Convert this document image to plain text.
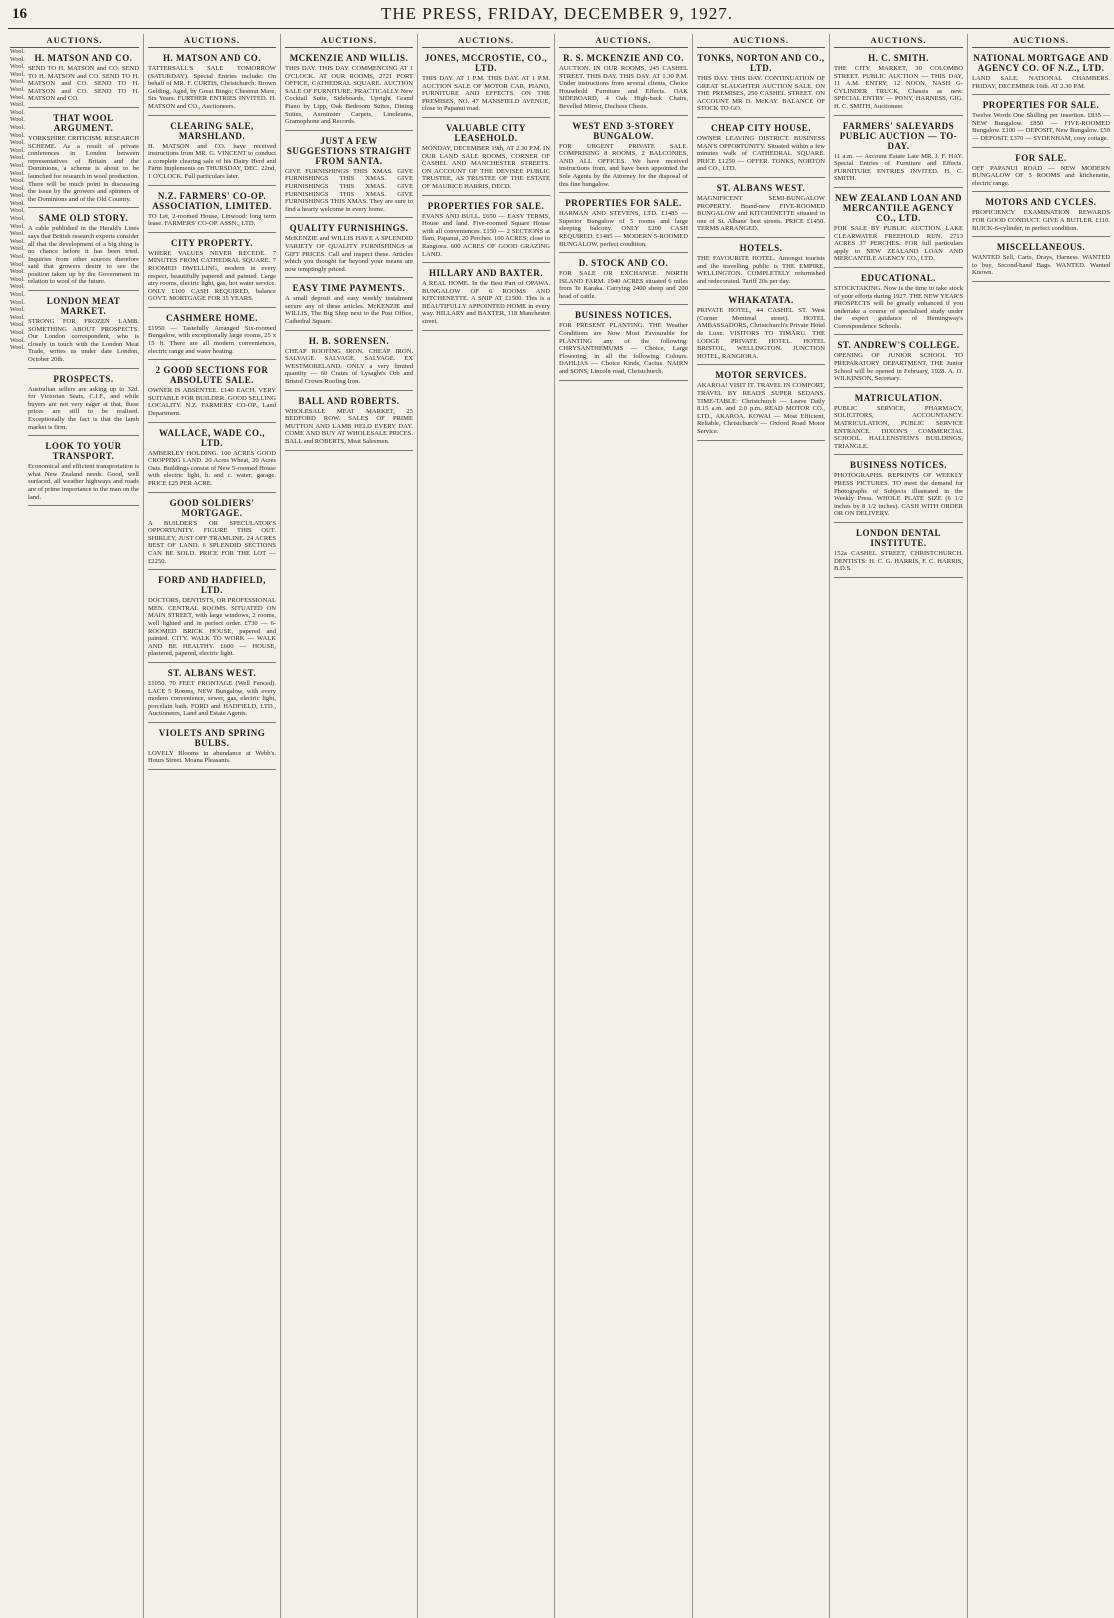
16	THE PRESS, FRIDAY, DECEMBER 9, 1927.
AUCTIONS.
Wool.
Wool.
Wool.
Wool.
Wool.
Wool.
Wool.
Wool.
Wool.
Wool.
Wool.
Wool.
Wool.
Wool.
Wool.
Wool.
Wool.
Wool.
Wool.
Wool.
Wool.
Wool.
Wool.
Wool.
Wool.
Wool.
Wool.
Wool.
Wool.
Wool.
Wool.
Wool.
Wool.
Wool.
Wool.
Wool.
Wool.
Wool.
Wool.
Wool.
H. MATSON AND CO.

SEND TO H. MATSON and CO. SEND TO H. MATSON and CO. SEND TO H. MATSON and CO. SEND TO H. MATSON and CO. SEND TO H. MATSON and CO.

THAT WOOL ARGUMENT.

YORKSHIRE CRITICISM. RESEARCH SCHEME. As a result of private conferences in London between representatives of Britain and the Dominions, a scheme is about to be launched for research in wool production. There will be much point in discussing the issue by the growers and spinners of the Dominions and of the Old Country.

SAME OLD STORY.

A cable published in the Herald's Lines says that British research experts consider all that the development of a big thing is no chance before it has been tried. Inquiries from other sources therefore said that growers desire to see the position taken up by the Government in relation to wool of the future.

LONDON MEAT MARKET.

STRONG FOR FROZEN LAMB. SOMETHING ABOUT PROSPECTS. Our London correspondent, who is closely in touch with the London Meat Trade, writes us under date London, October 20th.

PROSPECTS.

Australian sellers are asking up to 32d. for Victorian Seats, C.I.F., and while buyers are not very eager at that, these prices are still to be realised. Exceptionally the fact is that the lamb market is firm.

LOOK TO YOUR TRANSPORT.

Economical and efficient transportation is what New Zealand needs. Good, well surfaced, all weather highways and roads are of prime importance to the man on the land.

AUCTIONS.
H. MATSON AND CO.

TATTERSALL'S SALE TOMORROW (SATURDAY). Special Entries include: On behalf of MR. F. CURTIS, Christchurch: Brown Gelding, Aged, by Great Bingo; Chestnut Mare, Six Years. FURTHER ENTRIES INVITED. H. MATSON and CO., Auctioneers.

CLEARING SALE, MARSHLAND.

H. MATSON and CO. have received instructions from MR. G. VINCENT to conduct a complete clearing sale of his Dairy Herd and Farm Implements on THURSDAY, DEC. 22nd, 1 O'CLOCK. Full particulars later.

N.Z. FARMERS' CO-OP. ASSOCIATION, LIMITED.

TO Let, 2-roomed House, Linwood: long term lease. FARMERS' CO-OP. ASSN., LTD.

CITY PROPERTY.

WHERE VALUES NEVER RECEDE. 7 MINUTES FROM CATHEDRAL SQUARE. 7 ROOMED DWELLING, modern in every respect, beautifully papered and painted. Large airy rooms, electric light, gas, hot water service. ONLY £100 CASH REQUIRED, balance GOVT. MORTGAGE FOR 35 YEARS.

CASHMERE HOME.

£1950 — Tastefully Arranged Six-roomed Bungalow, with exceptionally large rooms, 25 x 15 ft. There are all modern conveniences, electric range and water heating.

2 GOOD SECTIONS FOR ABSOLUTE SALE.

OWNER IS ABSENTEE. £140 EACH. VERY SUITABLE FOR BUILDER. GOOD SELLING LOCALITY. N.Z. FARMERS' CO-OP., Land Department.

WALLACE, WADE CO., LTD.

AMBERLEY HOLDING. 100 ACRES GOOD CROPPING LAND. 20 Acres Wheat, 20 Acres Oats. Buildings consist of New 5-roomed House with electric light, h. and c. water; garage. PRICE £25 PER ACRE.

GOOD SOLDIERS' MORTGAGE.

A BUILDER'S OR SPECULATOR'S OPPORTUNITY. FIGURE THIS OUT. SHIRLEY, JUST OFF TRAMLINE. 24 ACRES BEST OF LAND. 6 SPLENDID SECTIONS CAN BE SOLD. PRICE FOR THE LOT — £2250.

FORD AND HADFIELD, LTD.

DOCTORS, DENTISTS, OR PROFESSIONAL MEN. CENTRAL ROOMS. SITUATED ON MAIN STREET, with large windows, 2 rooms, well lighted and in perfect order. £730 — 6-ROOMED BRICK HOUSE, papered and painted. CITY. WALK TO WORK — WALK AND BE HEALTHY. £600 — HOUSE, plastered, papered, electric light.

ST. ALBANS WEST.

£1050. 70 FEET FRONTAGE (Well Fenced). LACE 5 Rooms, NEW Bungalow, with every modern convenience, sewer, gas, electric light, porcelain bath. FORD and HADFIELD, LTD., Auctioneers, Land and Estate Agents.

VIOLETS AND SPRING BULBS.

LOVELY Blooms in abundance at Webb's. Hours Street. Moana Pleasants.

AUCTIONS.
MCKENZIE AND WILLIS.

THIS DAY. THIS DAY. COMMENCING AT 1 O'CLOCK. AT OUR ROOMS, 2721 PORT OFFICE, CATHEDRAL SQUARE. AUCTION SALE OF FURNITURE. PRACTICALLY New Cocktail Suite, Sideboards, Upright Grand Piano by Lipp, Oak Bedroom Suites, Dining Suites, Axminster Carpets, Linoleums, Gramophone and Records.

JUST A FEW SUGGESTIONS STRAIGHT FROM SANTA.

GIVE FURNISHINGS THIS XMAS. GIVE FURNISHINGS THIS XMAS. GIVE FURNISHINGS THIS XMAS. GIVE FURNISHINGS THIS XMAS. GIVE FURNISHINGS THIS XMAS. They are sure to find a hearty welcome in every home.

QUALITY FURNISHINGS.

McKENZIE and WILLIS HAVE A SPLENDID VARIETY OF QUALITY FURNISHINGS at GIFT PRICES. Call and inspect these. Articles which you thought far beyond your means are now temptingly priced.

EASY TIME PAYMENTS.

A small deposit and easy weekly instalment secure any of these articles. McKENZIE and WILLIS, The Big Shop next to the Post Office, Cathedral Square.

H. B. SORENSEN.

CHEAP ROOFING IRON. CHEAP IRON. SALVAGE. SALVAGE. SALVAGE. EX WESTMORELAND. ONLY a very limited quantity — 60 Crates of Lysaght's Orb and Bristol Crown Roofing Iron.

BALL AND ROBERTS.

WHOLESALE MEAT MARKET, 25 BEDFORD ROW. SALES OF PRIME MUTTON AND LAMB HELD EVERY DAY. COME AND BUY AT WHOLESALE PRICES. BALL and ROBERTS, Meat Salesmen.

AUCTIONS.
JONES, MCCROSTIE, CO., LTD.

THIS DAY. AT 1 P.M. THIS DAY. AT 1 P.M. AUCTION SALE OF MOTOR CAR, PIANO, FURNITURE AND EFFECTS. ON THE PREMISES, NO. 47 MANSFIELD AVENUE, close to Papanui road.

VALUABLE CITY LEASEHOLD.

MONDAY, DECEMBER 19th, AT 2.30 P.M. IN OUR LAND SALE ROOMS, CORNER OF CASHEL AND MANCHESTER STREETS. ON ACCOUNT OF THE DEVISEE PUBLIC TRUSTEE, AS TRUSTEE OF THE ESTATE OF MAURICE HARRIS, DECD.

PROPERTIES FOR SALE.

EVANS AND BULL. £650 — EASY TERMS, House and land. Five-roomed Square House with all conveniences. £150 — 2 SECTIONS at Ilam, Papanui, 20 Perches. 100 ACRES, close to Rangiora. 600 ACRES OF GOOD GRAZING LAND.

HILLARY AND BAXTER.

A REAL HOME. In the Best Part of OPAWA. BUNGALOW OF 6 ROOMS AND KITCHENETTE. A SNIP AT £1500. This is a BEAUTIFULLY APPOINTED HOME in every way. HILLARY and BAXTER, 118 Manchester street.

AUCTIONS.
R. S. MCKENZIE AND CO.

AUCTION. IN OUR ROOMS, 245 CASHEL STREET. THIS DAY. THIS DAY. AT 1.30 P.M. Under instructions from several clients, Choice Household Furniture and Effects. OAK SIDEBOARD, 4 Oak High-back Chairs, Bevelled Mirror, Duchess Chests.

WEST END 3-STOREY BUNGALOW.

FOR URGENT PRIVATE SALE. COMPRISING 8 ROOMS, 2 BALCONIES, AND ALL OFFICES. We have received instructions from, and have been appointed the Sole Agents by the Attorney for the disposal of this fine bungalow.

PROPERTIES FOR SALE.

HARMAN AND STEVENS, LTD. £1485 — Superior Bungalow of 5 rooms and large sleeping balcony. ONLY £200 CASH REQUIRED. £1485 — MODERN 5-ROOMED BUNGALOW, perfect condition.

D. STOCK AND CO.

FOR SALE OR EXCHANGE. NORTH ISLAND FARM. 1940 ACRES situated 6 miles from Te Karaka. Carrying 2400 sheep and 200 head of cattle.

BUSINESS NOTICES.

FOR PRESENT PLANTING. THE Weather Conditions are Now Most Favourable for PLANTING any of the following: CHRYSANTHEMUMS — Choice, Large Flowering, in all the following Colours. DAHLIAS — Choice Kinds, Cactus. NAIRN and SONS, Lincoln road, Christchurch.

AUCTIONS.
TONKS, NORTON AND CO., LTD.

THIS DAY. THIS DAY. CONTINUATION OF GREAT SLAUGHTER AUCTION SALE. ON THE PREMISES, 250 CASHEL STREET. ON ACCOUNT MR D. McKAY. BALANCE OF STOCK TO GO.

CHEAP CITY HOUSE.

OWNER LEAVING DISTRICT. BUSINESS MAN'S OPPORTUNITY. Situated within a few minutes walk of CATHEDRAL SQUARE. PRICE £1250 — OFFER. TONKS, NORTON and CO., LTD.

ST. ALBANS WEST.

MAGNIFICENT SEMI-BUNGALOW PROPERTY. Brand-new FIVE-ROOMED BUNGALOW and KITCHENETTE situated in one of St. Albans' best streets. PRICE £1450. TERMS ARRANGED.

HOTELS.

THE FAVOURITE HOTEL. Amongst tourists and the travelling public is THE EMPIRE, WELLINGTON. COMPLETELY refurnished and redecorated. Tariff 20s per day.

WHAKATATA.

PRIVATE HOTEL, 44 CASHEL ST. West (Corner Montreal street). HOTEL AMBASSADORS, Christchurch's Private Hotel de Luxe. VISITORS TO TIMARU. THE LODGE PRIVATE HOTEL. HOTEL BRISTOL, WELLINGTON. JUNCTION HOTEL, RANGIORA.

MOTOR SERVICES.

AKAROA! VISIT IT. TRAVEL IN COMFORT, TRAVEL BY READ'S SUPER SEDANS. TIME-TABLE: Christchurch — Leave Daily 8.15 a.m. and 2.0 p.m. READ MOTOR CO., LTD., AKAROA. KOWAI — Most Efficient, Reliable, Christchurch — Oxford Road Motor Service.

AUCTIONS.
H. C. SMITH.

THE CITY MARKET, 30 COLOMBO STREET. PUBLIC AUCTION — THIS DAY, 11 A.M. ENTRY, 12 NOON. NASH G-CYLINDER TRUCK, Chassis as new. SPECIAL ENTRY — PONY, HARNESS, GIG. H. C. SMITH, Auctioneer.

FARMERS' SALEYARDS PUBLIC AUCTION — TO-DAY.

11 a.m. — Account Estate Late MR. J. F. HAY. Special Entries of Furniture and Effects. FURNITURE ENTRIES INVITED. H. C. SMITH.

NEW ZEALAND LOAN AND MERCANTILE AGENCY CO., LTD.

FOR SALE BY PUBLIC AUCTION. LAKE CLEARWATER FREEHOLD RUN. 2713 ACRES 37 PERCHES. FOR full particulars apply to NEW ZEALAND LOAN AND MERCANTILE AGENCY CO., LTD.

EDUCATIONAL.

STOCKTAKING. Now is the time to take stock of your efforts during 1927. THE NEW YEAR'S PROSPECTS will be greatly enhanced if you undertake a course of specialised study under the expert guidance of Hemingway's Correspondence Schools.

ST. ANDREW'S COLLEGE.

OPENING OF JUNIOR SCHOOL TO PREPARATORY DEPARTMENT. THE Junior School will be opened in February, 1928. A. O. WILKINSON, Secretary.

MATRICULATION.

PUBLIC SERVICE, PHARMACY, SOLICITORS, ACCOUNTANCY. MATRICULATION, PUBLIC SERVICE ENTRANCE. DIXON'S COMMERCIAL SCHOOL. HALLENSTEIN'S BUILDINGS, TRIANGLE.

BUSINESS NOTICES.

PHOTOGRAPHS. REPRINTS OF WEEKLY PRESS PICTURES. TO meet the demand for Photographs of Subjects illustrated in the Weekly Press. WHOLE PLATE SIZE (6 1/2 inches by 8 1/2 inches). CASH WITH ORDER OR ON DELIVERY.

LONDON DENTAL INSTITUTE.

152a CASHEL STREET, CHRISTCHURCH. DENTISTS: H. C. G. HARRIS, F. C. HARRIS, B.D.S.

AUCTIONS.
NATIONAL MORTGAGE AND AGENCY CO. OF N.Z., LTD.

LAND SALE. NATIONAL CHAMBERS. FRIDAY, DECEMBER 16th. AT 2.30 P.M.

PROPERTIES FOR SALE.

Twelve Words One Shilling per insertion. £835 — NEW Bungalow. £850 — FIVE-ROOMED Bungalow. £100 — DEPOSIT, New Bungalow. £50 — DEPOSIT. £370 — SYDENHAM, cosy cottage.

FOR SALE.

OFF PAPANUI ROAD — NEW MODERN BUNGALOW OF 5 ROOMS and kitchenette, electric range.

MOTORS AND CYCLES.

PROFICIENCY EXAMINATION REWARDS FOR GOOD CONDUCT. GIVE A BUTLER. £110. BUICK-6-cylinder, in perfect condition.

MISCELLANEOUS.

WANTED Sell, Carts, Drays, Harness. WANTED to buy, Second-hand Bags. WANTED. Wanted Known.
